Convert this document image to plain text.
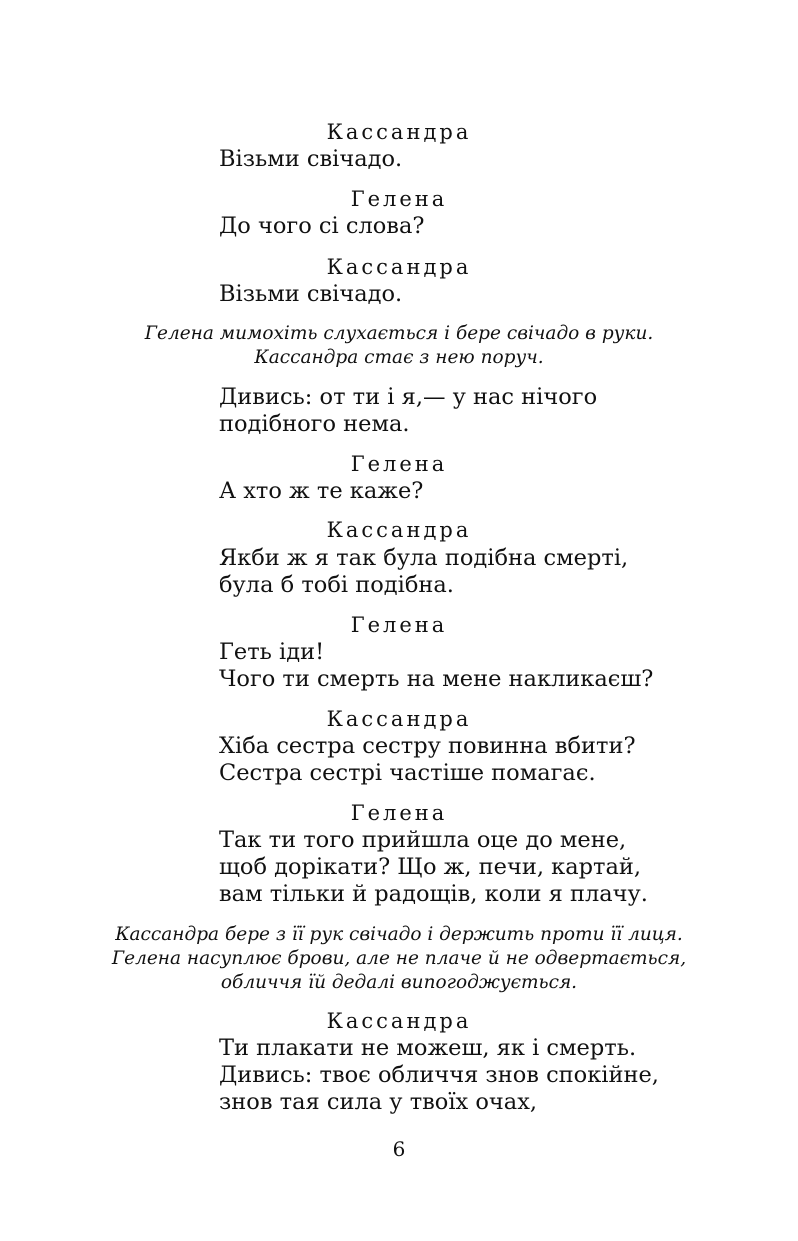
Кассандра
Візьми свічадо.
Гелена
До чого сі слова?
Кассандра
Візьми свічадо.
Гелена мимохіть слухається і бере свічадо в руки.
Кассандра стає з нею поруч.
Дивись: от ти і я,— у нас нічого
подібного нема.
Гелена
А хто ж те каже?
Кассандра
Якби ж я так була подібна смерті,
була б тобі подібна.
Гелена
Геть іди!
Чого ти смерть на мене накликаєш?
Кассандра
Хіба сестра сестру повинна вбити?
Сестра сестрі частіше помагає.
Гелена
Так ти того прийшла оце до мене,
щоб дорікати? Що ж, печи, картай,
вам тільки й радощів, коли я плачу.
Кассандра бере з її рук свічадо і держить проти її лиця.
Гелена насуплює брови, але не плаче й не одвертається,
обличчя їй дедалі випогоджується.
Кассандра
Ти плакати не можеш, як і смерть.
Дивись: твоє обличчя знов спокійне,
знов тая сила у твоїх очах,
6
